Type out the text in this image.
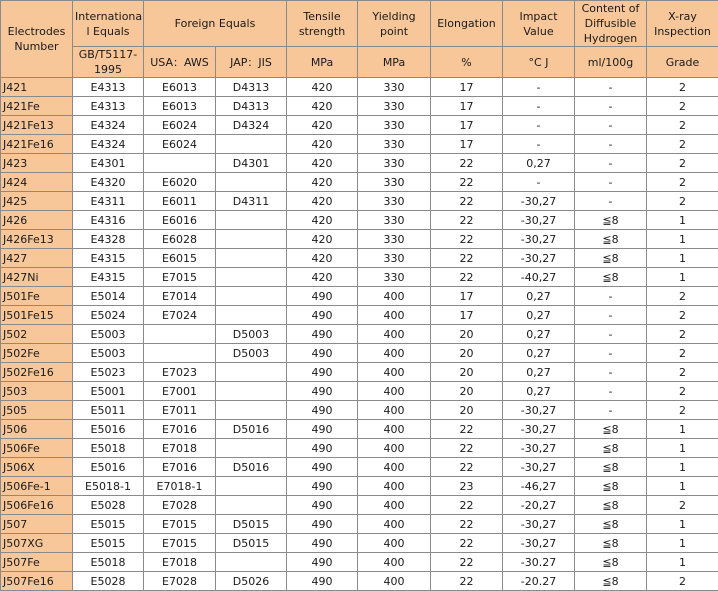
Electrodes Number	Internationa l Equals	Foreign Equals		Tensile strength	Yielding point	Elongation	Impact Value	Content of Diffusible Hydrogen	X-ray Inspection
	GB/T5117-1995	USA：AWS	JAP：JIS	MPa	MPa	%	°C J	ml/100g	Grade
J421	E4313	E6013	D4313	420	330	17	-	-	2
J421Fe	E4313	E6013	D4313	420	330	17	-	-	2
J421Fe13	E4324	E6024	D4324	420	330	17	-	-	2
J421Fe16	E4324	E6024		420	330	17	-	-	2
J423	E4301		D4301	420	330	22	0,27	-	2
J424	E4320	E6020		420	330	22	-	-	2
J425	E4311	E6011	D4311	420	330	22	-30,27	-	2
J426	E4316	E6016		420	330	22	-30,27	≦8	1
J426Fe13	E4328	E6028		420	330	22	-30,27	≦8	1
J427	E4315	E6015		420	330	22	-30,27	≦8	1
J427Ni	E4315	E7015		420	330	22	-40,27	≦8	1
J501Fe	E5014	E7014		490	400	17	0,27	-	2
J501Fe15	E5024	E7024		490	400	17	0,27	-	2
J502	E5003		D5003	490	400	20	0,27	-	2
J502Fe	E5003		D5003	490	400	20	0,27	-	2
J502Fe16	E5023	E7023		490	400	20	0,27	-	2
J503	E5001	E7001		490	400	20	0,27	-	2
J505	E5011	E7011		490	400	20	-30,27	-	2
J506	E5016	E7016	D5016	490	400	22	-30,27	≦8	1
J506Fe	E5018	E7018		490	400	22	-30,27	≦8	1
J506X	E5016	E7016	D5016	490	400	22	-30,27	≦8	1
J506Fe-1	E5018-1	E7018-1		490	400	23	-46,27	≦8	1
J506Fe16	E5028	E7028		490	400	22	-20,27	≦8	2
J507	E5015	E7015	D5015	490	400	22	-30,27	≦8	1
J507XG	E5015	E7015	D5015	490	400	22	-30,27	≦8	1
J507Fe	E5018	E7018		490	400	22	-30.27	≦8	1
J507Fe16	E5028	E7028	D5026	490	400	22	-20.27	≦8	2
